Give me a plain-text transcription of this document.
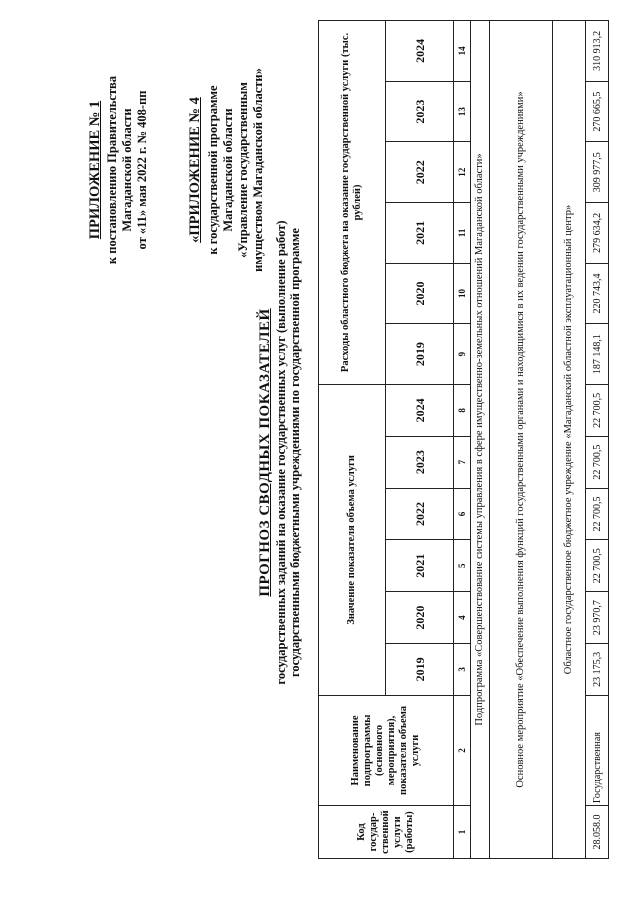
ПРИЛОЖЕНИЕ № 1 к постановлению Правительства Магаданской области от «11» мая 2022 г. № 408-пп	«ПРИЛОЖЕНИЕ № 4 к государственной программе Магаданской области «Управление государственным имуществом Магаданской области»
ПРОГНОЗ СВОДНЫХ ПОКАЗАТЕЛЕЙ государственных заданий на оказание государственных услуг (выполнение работ) государственными бюджетными учреждениями по государственной программе
Код государ-ственной услуги (работы)	Наименование подпрограммы (основного мероприятия), показателя объема услуги	Значение показателя объема услуги						Расходы областного бюджета на оказание государственной услуги (тыс. рублей)					
		2019	2020	2021	2022	2023	2024	2019	2020	2021	2022	2023	2024
1	2	3	4	5	6	7	8	9	10	11	12	13	14
Подпрограмма «Совершенствование системы управления в сфере имущественно-земельных отношений Магаданской области»													
Основное мероприятие «Обеспечение выполнения функций государственными органами и находящимися в их ведении государственными учреждениями»													
Областное государственное бюджетное учреждение «Магаданский областной эксплуатационный центр»													
28.058.0	Государственная	23 175,3	23 970,7	22 700,5	22 700,5	22 700,5	22 700,5	187 148,1	220 743,4	279 634,2	309 977,5	270 665,5	310 913,2
